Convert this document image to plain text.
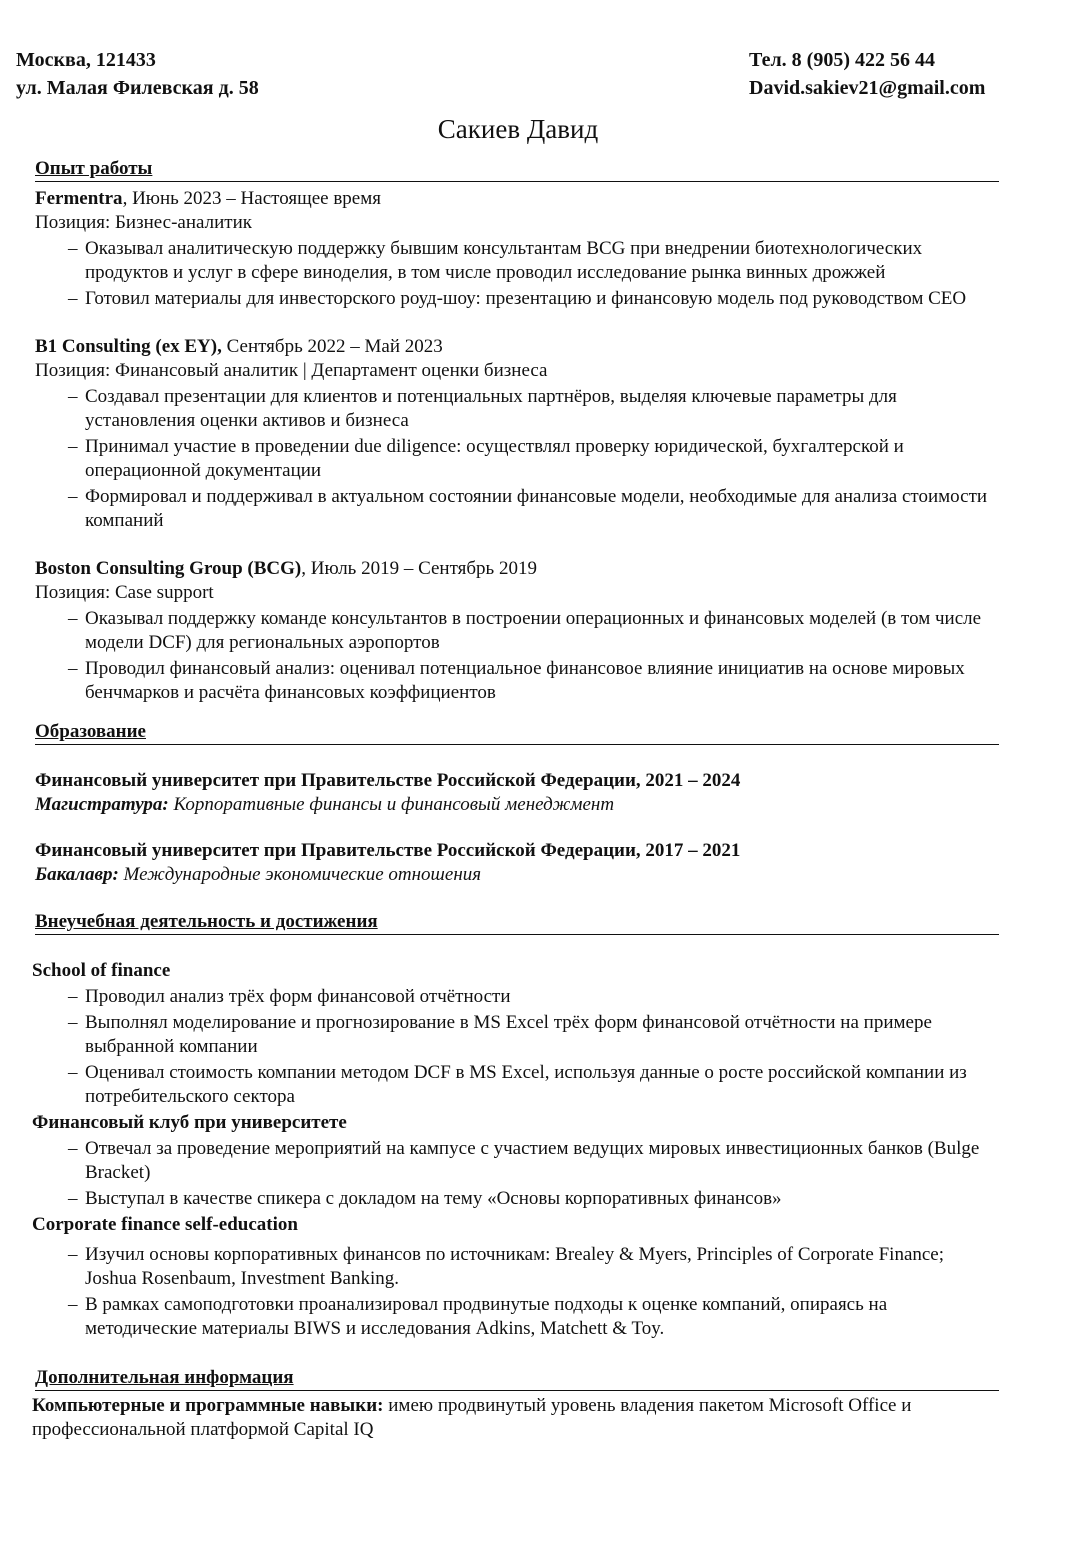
Москва, 121433
ул. Малая Филевская д. 58
Тел. 8 (905) 422 56 44
David.sakiev21@gmail.com
Сакиев Давид
Опыт работы
Fermentra, Июнь 2023 – Настоящее время
Позиция: Бизнес-аналитик
– Оказывал аналитическую поддержку бывшим консультантам BCG при внедрении биотехнологических продуктов и услуг в сфере виноделия, в том числе проводил исследование рынка винных дрожжей
– Готовил материалы для инвесторского роуд-шоу: презентацию и финансовую модель под руководством CEO
B1 Consulting (ex EY), Сентябрь 2022 – Май 2023
Позиция: Финансовый аналитик | Департамент оценки бизнеса
– Создавал презентации для клиентов и потенциальных партнёров, выделяя ключевые параметры для установления оценки активов и бизнеса
– Принимал участие в проведении due diligence: осуществлял проверку юридической, бухгалтерской и операционной документации
– Формировал и поддерживал в актуальном состоянии финансовые модели, необходимые для анализа стоимости компаний
Boston Consulting Group (BCG), Июль 2019 – Сентябрь 2019
Позиция: Case support
– Оказывал поддержку команде консультантов в построении операционных и финансовых моделей (в том числе модели DCF) для региональных аэропортов
– Проводил финансовый анализ: оценивал потенциальное финансовое влияние инициатив на основе мировых бенчмарков и расчёта финансовых коэффициентов
Образование
Финансовый университет при Правительстве Российской Федерации, 2021 – 2024
Магистратура: Корпоративные финансы и финансовый менеджмент
Финансовый университет при Правительстве Российской Федерации, 2017 – 2021
Бакалавр: Международные экономические отношения
Внеучебная деятельность и достижения
School of finance
– Проводил анализ трёх форм финансовой отчётности
– Выполнял моделирование и прогнозирование в MS Excel трёх форм финансовой отчётности на примере выбранной компании
– Оценивал стоимость компании методом DCF в MS Excel, используя данные о росте российской компании из потребительского сектора
Финансовый клуб при университете
– Отвечал за проведение мероприятий на кампусе с участием ведущих мировых инвестиционных банков (Bulge Bracket)
– Выступал в качестве спикера с докладом на тему «Основы корпоративных финансов»
Corporate finance self-education
– Изучил основы корпоративных финансов по источникам: Brealey & Myers, Principles of Corporate Finance; Joshua Rosenbaum, Investment Banking.
– В рамках самоподготовки проанализировал продвинутые подходы к оценке компаний, опираясь на методические материалы BIWS и исследования Adkins, Matchett & Toy.
Дополнительная информация
Компьютерные и программные навыки: имею продвинутый уровень владения пакетом Microsoft Office и профессиональной платформой Capital IQ
